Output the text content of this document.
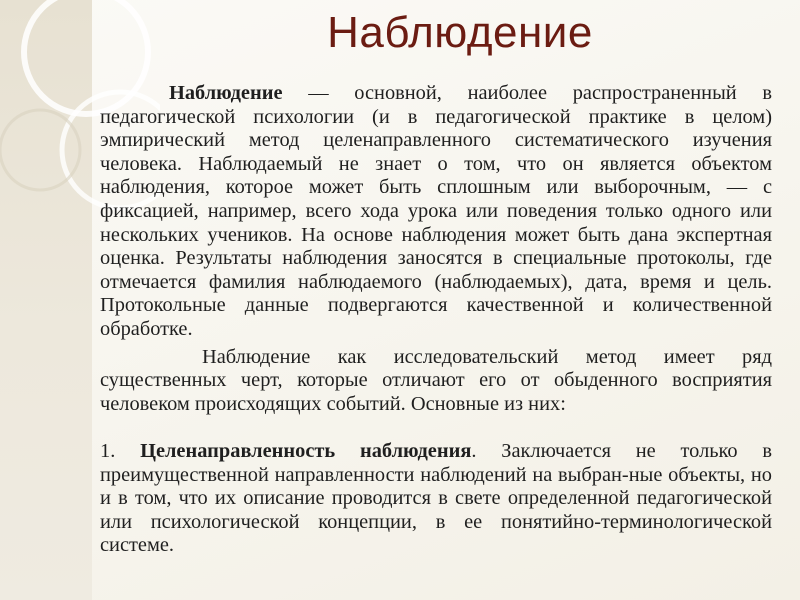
Наблюдение

Наблюдение — основной, наиболее распространенный в педагогической психологии (и в педагогической практике в целом) эмпирический метод целенаправленного систематического изучения человека. Наблюдаемый не знает о том, что он является объектом наблюдения, которое может быть сплошным или выборочным, — с фиксацией, например, всего хода урока или поведения только одного или нескольких учеников. На основе наблюдения может быть дана экспертная оценка. Результаты наблюдения заносятся в специальные протоколы, где отмечается фамилия наблюдаемого (наблюдаемых), дата, время и цель. Протокольные данные подвергаются качественной и количественной обработке.

Наблюдение как исследовательский метод имеет ряд существенных черт, которые отличают его от обыденного восприятия человеком происходящих событий. Основные из них:

1. Целенаправленность наблюдения. Заключается не только в преимущественной направленности наблюдений на выбран-ные объекты, но и в том, что их описание проводится в свете определенной педагогической или психологической концепции, в ее понятийно-терминологической системе.
